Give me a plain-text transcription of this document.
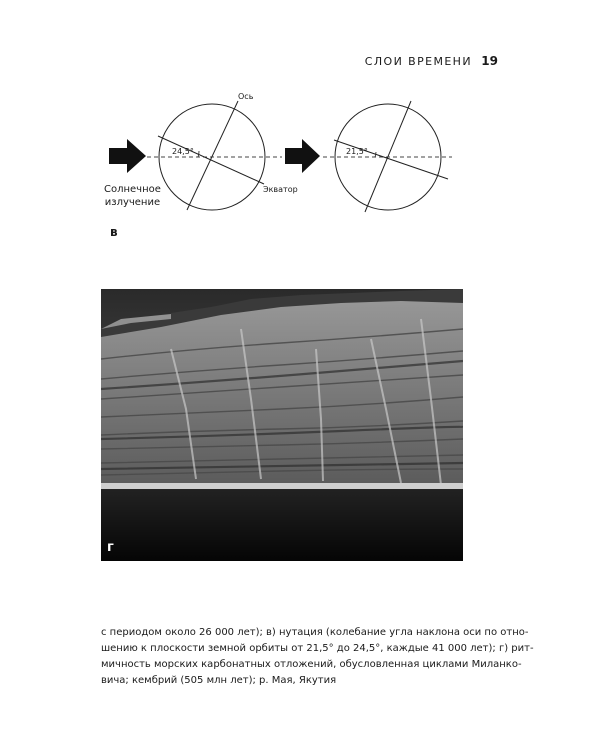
СЛОИ ВРЕМЕНИ 19
Ось
Экватор
24,5°	21,5°
Солнечное
излучение
в
г
с периодом около 26 000 лет); в) нутация (колебание угла наклона оси по отно-
шению к плоскости земной орбиты от 21,5° до 24,5°, каждые 41 000 лет); г) рит-
мичность морских карбонатных отложений, обусловленная циклами Миланко-
вича; кембрий (505 млн лет); р. Мая, Якутия
